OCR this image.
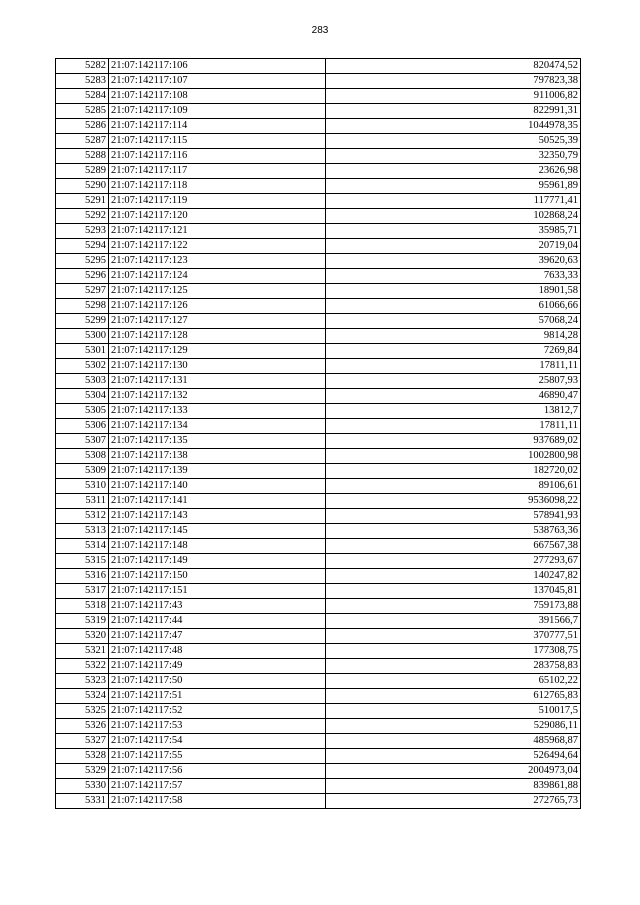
283
5282	21:07:142117:106	820474,52
5283	21:07:142117:107	797823,38
5284	21:07:142117:108	911006,82
5285	21:07:142117:109	822991,31
5286	21:07:142117:114	1044978,35
5287	21:07:142117:115	50525,39
5288	21:07:142117:116	32350,79
5289	21:07:142117:117	23626,98
5290	21:07:142117:118	95961,89
5291	21:07:142117:119	117771,41
5292	21:07:142117:120	102868,24
5293	21:07:142117:121	35985,71
5294	21:07:142117:122	20719,04
5295	21:07:142117:123	39620,63
5296	21:07:142117:124	7633,33
5297	21:07:142117:125	18901,58
5298	21:07:142117:126	61066,66
5299	21:07:142117:127	57068,24
5300	21:07:142117:128	9814,28
5301	21:07:142117:129	7269,84
5302	21:07:142117:130	17811,11
5303	21:07:142117:131	25807,93
5304	21:07:142117:132	46890,47
5305	21:07:142117:133	13812,7
5306	21:07:142117:134	17811,11
5307	21:07:142117:135	937689,02
5308	21:07:142117:138	1002800,98
5309	21:07:142117:139	182720,02
5310	21:07:142117:140	89106,61
5311	21:07:142117:141	9536098,22
5312	21:07:142117:143	578941,93
5313	21:07:142117:145	538763,36
5314	21:07:142117:148	667567,38
5315	21:07:142117:149	277293,67
5316	21:07:142117:150	140247,82
5317	21:07:142117:151	137045,81
5318	21:07:142117:43	759173,88
5319	21:07:142117:44	391566,7
5320	21:07:142117:47	370777,51
5321	21:07:142117:48	177308,75
5322	21:07:142117:49	283758,83
5323	21:07:142117:50	65102,22
5324	21:07:142117:51	612765,83
5325	21:07:142117:52	510017,5
5326	21:07:142117:53	529086,11
5327	21:07:142117:54	485968,87
5328	21:07:142117:55	526494,64
5329	21:07:142117:56	2004973,04
5330	21:07:142117:57	839861,88
5331	21:07:142117:58	272765,73
